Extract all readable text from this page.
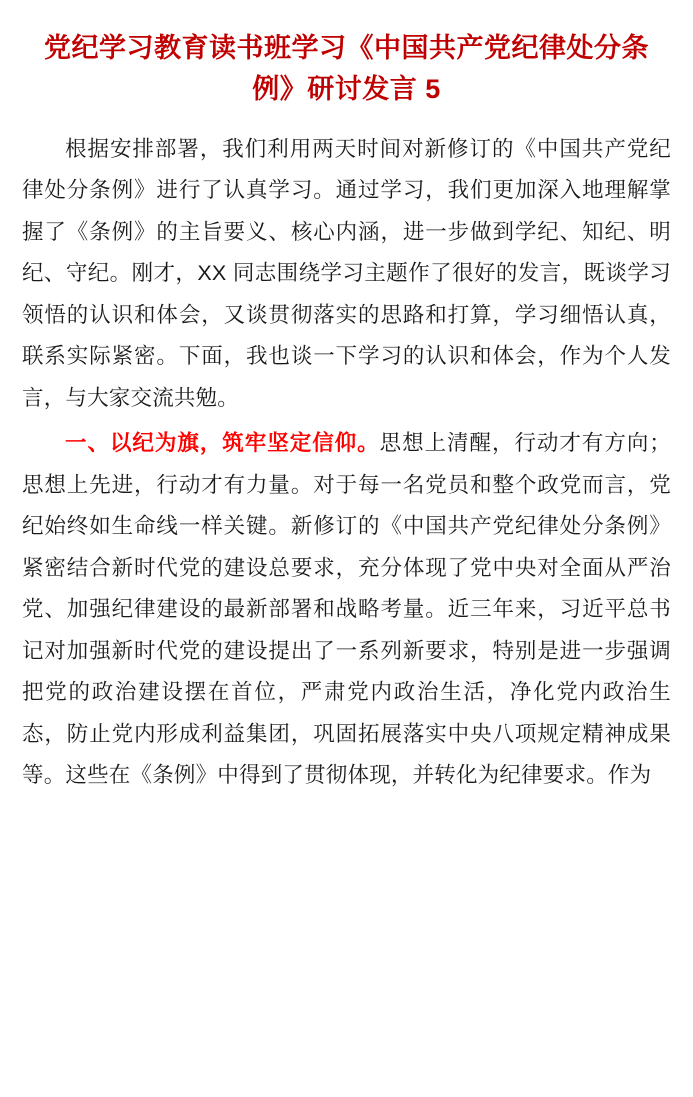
党纪学习教育读书班学习《中国共产党纪律处分条例》研讨发言 5

根据安排部署，我们利用两天时间对新修订的《中国共产党纪律处分条例》进行了认真学习。通过学习，我们更加深入地理解掌握了《条例》的主旨要义、核心内涵，进一步做到学纪、知纪、明纪、守纪。刚才，XX 同志围绕学习主题作了很好的发言，既谈学习领悟的认识和体会，又谈贯彻落实的思路和打算，学习细悟认真，联系实际紧密。下面，我也谈一下学习的认识和体会，作为个人发言，与大家交流共勉。

一、以纪为旗，筑牢坚定信仰。思想上清醒，行动才有方向；思想上先进，行动才有力量。对于每一名党员和整个政党而言，党纪始终如生命线一样关键。新修订的《中国共产党纪律处分条例》紧密结合新时代党的建设总要求，充分体现了党中央对全面从严治党、加强纪律建设的最新部署和战略考量。近三年来，习近平总书记对加强新时代党的建设提出了一系列新要求，特别是进一步强调把党的政治建设摆在首位，严肃党内政治生活，净化党内政治生态，防止党内形成利益集团，巩固拓展落实中央八项规定精神成果等。这些在《条例》中得到了贯彻体现，并转化为纪律要求。作为
